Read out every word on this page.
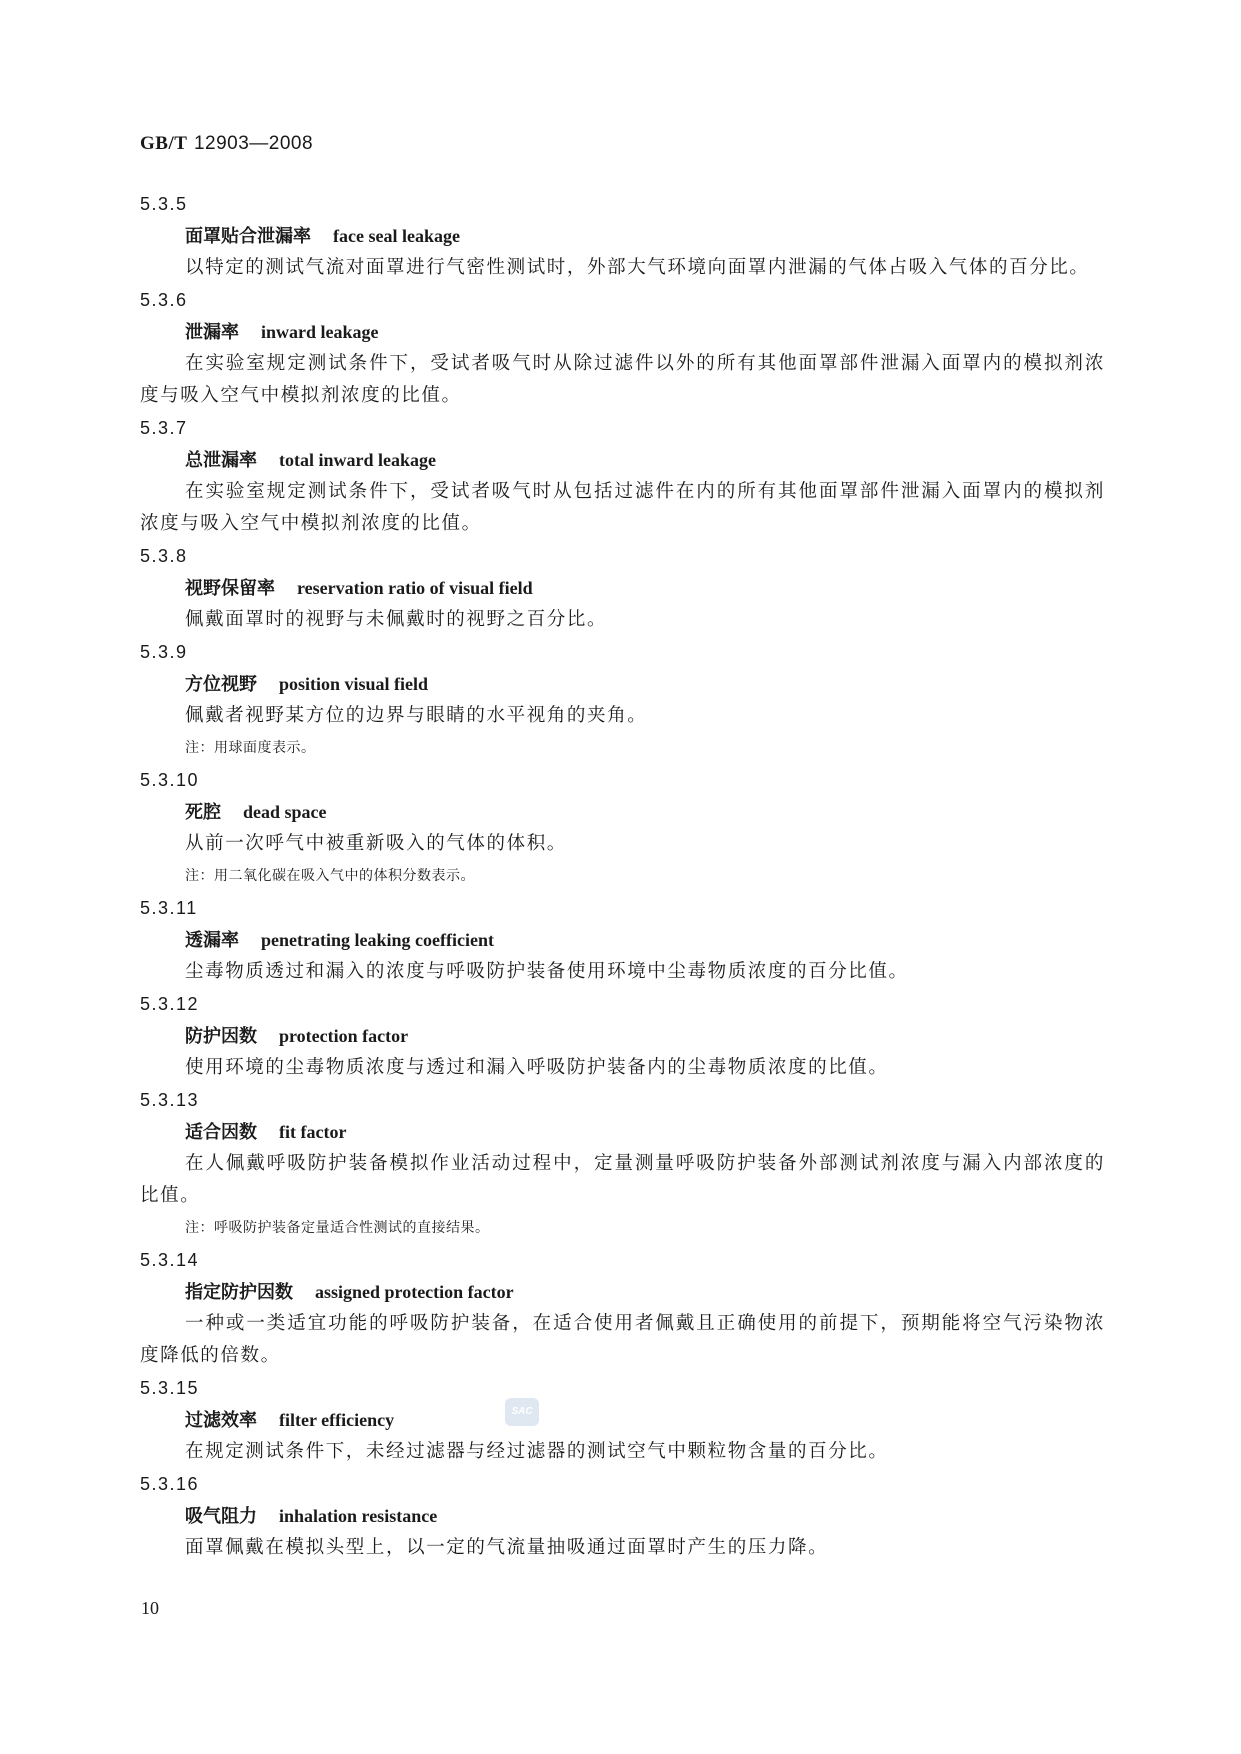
GB/T 12903—2008
5.3.5
面罩贴合泄漏率 face seal leakage
以特定的测试气流对面罩进行气密性测试时，外部大气环境向面罩内泄漏的气体占吸入气体的百分比。
5.3.6
泄漏率 inward leakage
在实验室规定测试条件下，受试者吸气时从除过滤件以外的所有其他面罩部件泄漏入面罩内的模拟剂浓度与吸入空气中模拟剂浓度的比值。
5.3.7
总泄漏率 total inward leakage
在实验室规定测试条件下，受试者吸气时从包括过滤件在内的所有其他面罩部件泄漏入面罩内的模拟剂浓度与吸入空气中模拟剂浓度的比值。
5.3.8
视野保留率 reservation ratio of visual field
佩戴面罩时的视野与未佩戴时的视野之百分比。
5.3.9
方位视野 position visual field
佩戴者视野某方位的边界与眼睛的水平视角的夹角。
注：用球面度表示。
5.3.10
死腔 dead space
从前一次呼气中被重新吸入的气体的体积。
注：用二氧化碳在吸入气中的体积分数表示。
5.3.11
透漏率 penetrating leaking coefficient
尘毒物质透过和漏入的浓度与呼吸防护装备使用环境中尘毒物质浓度的百分比值。
5.3.12
防护因数 protection factor
使用环境的尘毒物质浓度与透过和漏入呼吸防护装备内的尘毒物质浓度的比值。
5.3.13
适合因数 fit factor
在人佩戴呼吸防护装备模拟作业活动过程中，定量测量呼吸防护装备外部测试剂浓度与漏入内部浓度的比值。
注：呼吸防护装备定量适合性测试的直接结果。
5.3.14
指定防护因数 assigned protection factor
一种或一类适宜功能的呼吸防护装备，在适合使用者佩戴且正确使用的前提下，预期能将空气污染物浓度降低的倍数。
5.3.15
过滤效率 filter efficiency
在规定测试条件下，未经过滤器与经过滤器的测试空气中颗粒物含量的百分比。
5.3.16
吸气阻力 inhalation resistance
面罩佩戴在模拟头型上，以一定的气流量抽吸通过面罩时产生的压力降。
SAC
10
